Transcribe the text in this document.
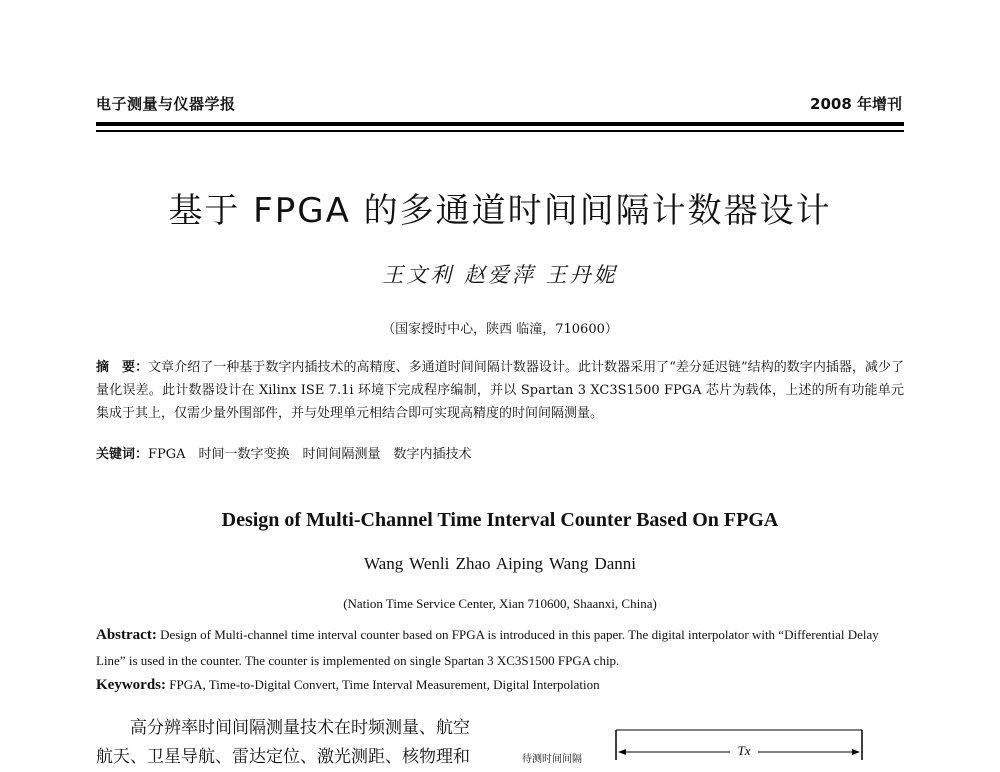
电子测量与仪器学报	2008 年增刊
基于 FPGA 的多通道时间间隔计数器设计
王文利 赵爱萍 王丹妮
（国家授时中心，陕西 临潼，710600）
摘　要：文章介绍了一种基于数字内插技术的高精度、多通道时间间隔计数器设计。此计数器采用了“差分延迟链”结构的数字内插器，减少了量化误差。此计数器设计在 Xilinx ISE 7.1i 环境下完成程序编制，并以 Spartan 3 XC3S1500 FPGA 芯片为载体，上述的所有功能单元集成于其上，仅需少量外围部件，并与处理单元相结合即可实现高精度的时间间隔测量。
关键词：FPGA　时间一数字变换　时间间隔测量　数字内插技术
Design of Multi-Channel Time Interval Counter Based On FPGA
Wang Wenli Zhao Aiping Wang Danni
(Nation Time Service Center, Xian 710600, Shaanxi, China)
Abstract: Design of Multi-channel time interval counter based on FPGA is introduced in this paper. The digital interpolator with “Differential Delay Line” is used in the counter. The counter is implemented on single Spartan 3 XC3S1500 FPGA chip.
Keywords: FPGA, Time-to-Digital Convert, Time Interval Measurement, Digital Interpolation
高分辨率时间间隔测量技术在时频测量、航空
航天、卫星导航、雷达定位、激光测距、核物理和	待测时间间隔
Tx
